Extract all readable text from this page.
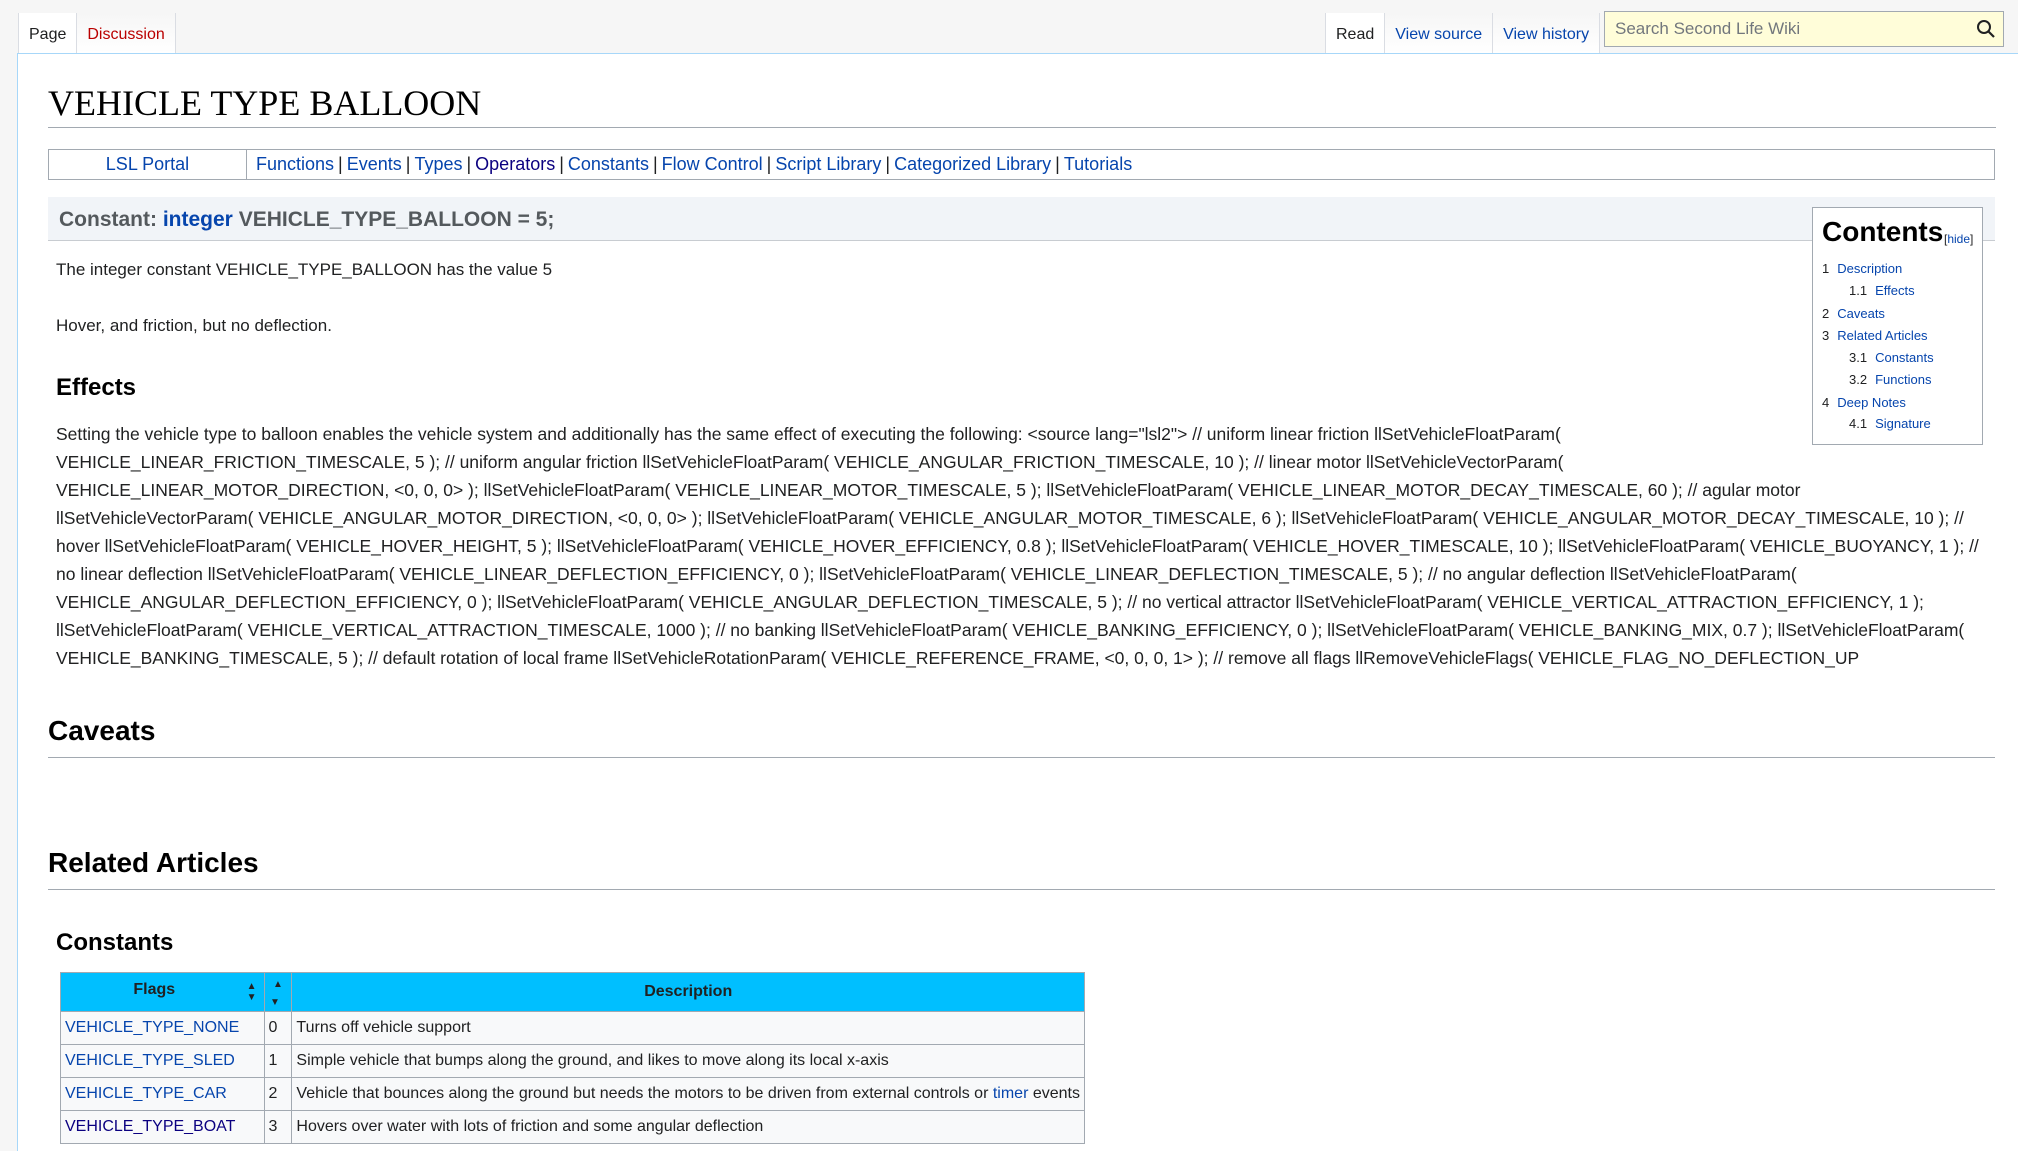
Page	Discussion	Read	View source	View history
Search Second Life Wiki
VEHICLE TYPE BALLOON
LSL Portal	Functions | Events | Types | Operators | Constants | Flow Control | Script Library | Categorized Library | Tutorials
Constant: integer VEHICLE_TYPE_BALLOON = 5;	Contents [hide]
1 Description
1.1 Effects
2 Caveats
3 Related Articles
3.1 Constants
3.2 Functions
4 Deep Notes
4.1 Signature
The integer constant VEHICLE_TYPE_BALLOON has the value 5
Hover, and friction, but no deflection.
Effects
Setting the vehicle type to balloon enables the vehicle system and additionally has the same effect of executing the following: <source lang="lsl2"> // uniform linear friction llSetVehicleFloatParam(
VEHICLE_LINEAR_FRICTION_TIMESCALE, 5 ); // uniform angular friction llSetVehicleFloatParam( VEHICLE_ANGULAR_FRICTION_TIMESCALE, 10 ); // linear motor llSetVehicleVectorParam(
VEHICLE_LINEAR_MOTOR_DIRECTION, <0, 0, 0> ); llSetVehicleFloatParam( VEHICLE_LINEAR_MOTOR_TIMESCALE, 5 ); llSetVehicleFloatParam( VEHICLE_LINEAR_MOTOR_DECAY_TIMESCALE, 60 ); // agular motor
llSetVehicleVectorParam( VEHICLE_ANGULAR_MOTOR_DIRECTION, <0, 0, 0> ); llSetVehicleFloatParam( VEHICLE_ANGULAR_MOTOR_TIMESCALE, 6 ); llSetVehicleFloatParam( VEHICLE_ANGULAR_MOTOR_DECAY_TIMESCALE, 10 ); //
hover llSetVehicleFloatParam( VEHICLE_HOVER_HEIGHT, 5 ); llSetVehicleFloatParam( VEHICLE_HOVER_EFFICIENCY, 0.8 ); llSetVehicleFloatParam( VEHICLE_HOVER_TIMESCALE, 10 ); llSetVehicleFloatParam( VEHICLE_BUOYANCY, 1 ); //
no linear deflection llSetVehicleFloatParam( VEHICLE_LINEAR_DEFLECTION_EFFICIENCY, 0 ); llSetVehicleFloatParam( VEHICLE_LINEAR_DEFLECTION_TIMESCALE, 5 ); // no angular deflection llSetVehicleFloatParam(
VEHICLE_ANGULAR_DEFLECTION_EFFICIENCY, 0 ); llSetVehicleFloatParam( VEHICLE_ANGULAR_DEFLECTION_TIMESCALE, 5 ); // no vertical attractor llSetVehicleFloatParam( VEHICLE_VERTICAL_ATTRACTION_EFFICIENCY, 1 );
llSetVehicleFloatParam( VEHICLE_VERTICAL_ATTRACTION_TIMESCALE, 1000 ); // no banking llSetVehicleFloatParam( VEHICLE_BANKING_EFFICIENCY, 0 ); llSetVehicleFloatParam( VEHICLE_BANKING_MIX, 0.7 ); llSetVehicleFloatParam(
VEHICLE_BANKING_TIMESCALE, 5 ); // default rotation of local frame llSetVehicleRotationParam( VEHICLE_REFERENCE_FRAME, <0, 0, 0, 1> ); // remove all flags llRemoveVehicleFlags( VEHICLE_FLAG_NO_DEFLECTION_UP
Caveats
Related Articles
Constants
Flags ▲
▼	▲
▼	Description
VEHICLE_TYPE_NONE	0	Turns off vehicle support
VEHICLE_TYPE_SLED	1	Simple vehicle that bumps along the ground, and likes to move along its local x-axis
VEHICLE_TYPE_CAR	2	Vehicle that bounces along the ground but needs the motors to be driven from external controls or timer events
VEHICLE_TYPE_BOAT	3	Hovers over water with lots of friction and some angular deflection
